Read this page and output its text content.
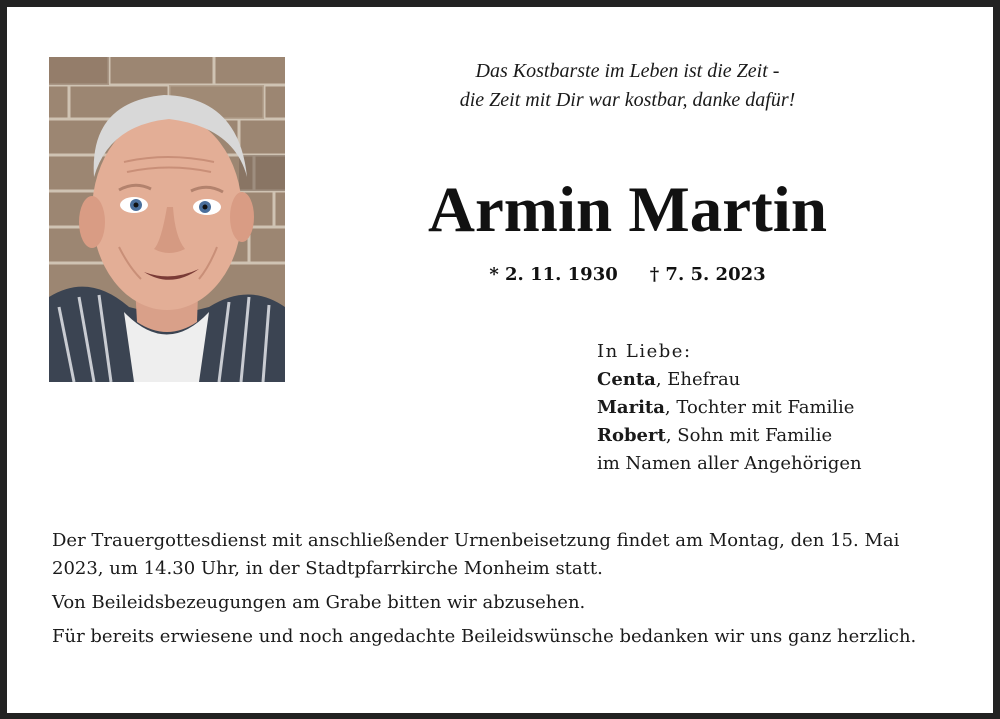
Das Kostbarste im Leben ist die Zeit -
die Zeit mit Dir war kostbar, danke dafür!
Armin Martin
* 2. 11. 1930 † 7. 5. 2023
In Liebe:
Centa, Ehefrau
Marita, Tochter mit Familie
Robert, Sohn mit Familie
im Namen aller Angehörigen

Der Trauergottesdienst mit anschließender Urnenbeisetzung findet am Montag, den 15. Mai 2023, um 14.30 Uhr, in der Stadtpfarrkirche Monheim statt.

Von Beileidsbezeugungen am Grabe bitten wir abzusehen.

Für bereits erwiesene und noch angedachte Beileidswünsche bedanken wir uns ganz herzlich.
